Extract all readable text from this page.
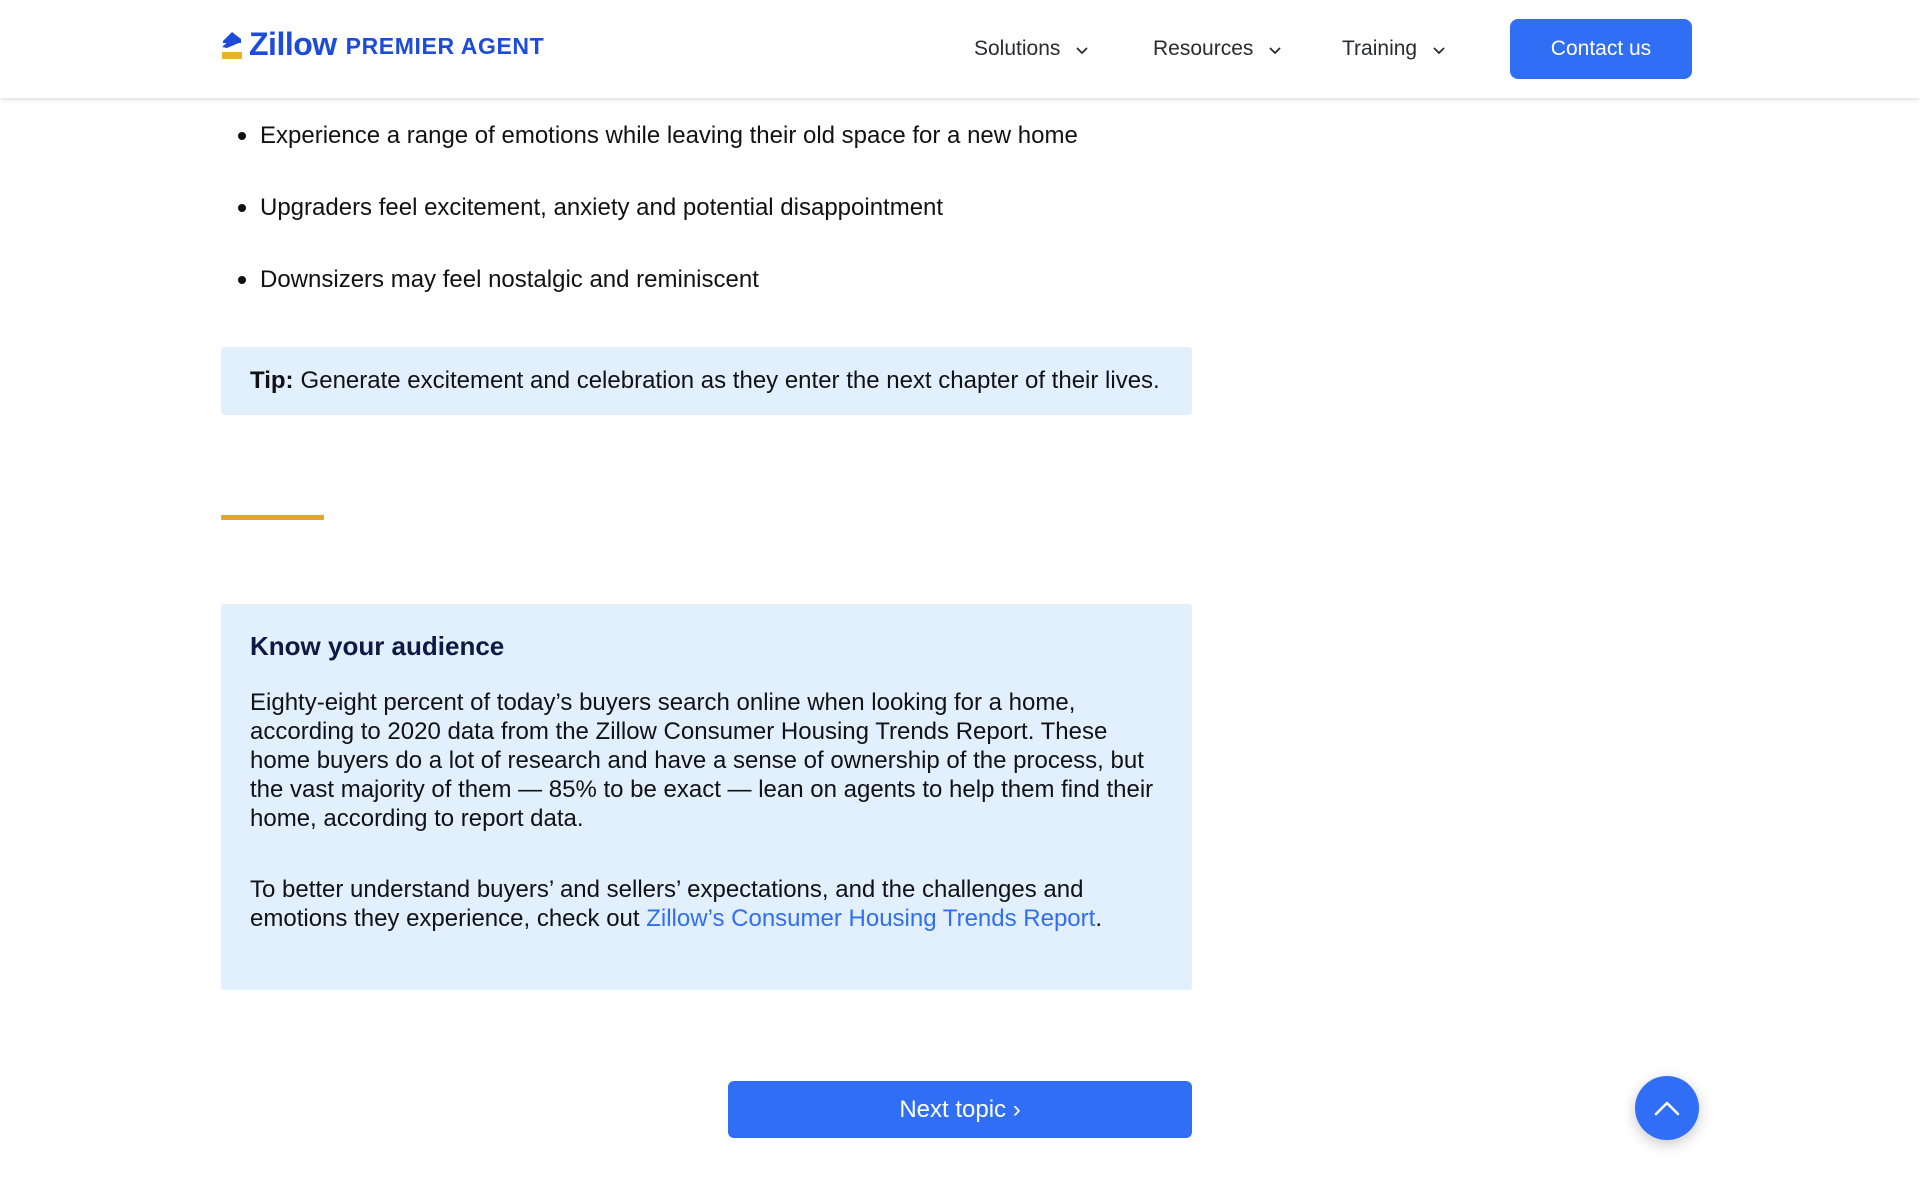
Zillow PREMIER AGENT	Solutions	Resources	Training	Contact us
Experience a range of emotions while leaving their old space for a new home
Upgraders feel excitement, anxiety and potential disappointment
Downsizers may feel nostalgic and reminiscent
Tip: Generate excitement and celebration as they enter the next chapter of their lives.
Know your audience

Eighty-eight percent of today’s buyers search online when looking for a home, according to 2020 data from the Zillow Consumer Housing Trends Report. These home buyers do a lot of research and have a sense of ownership of the process, but the vast majority of them — 85% to be exact — lean on agents to help them find their home, according to report data.

To better understand buyers’ and sellers’ expectations, and the challenges and emotions they experience, check out Zillow’s Consumer Housing Trends Report.

Next topic ›
